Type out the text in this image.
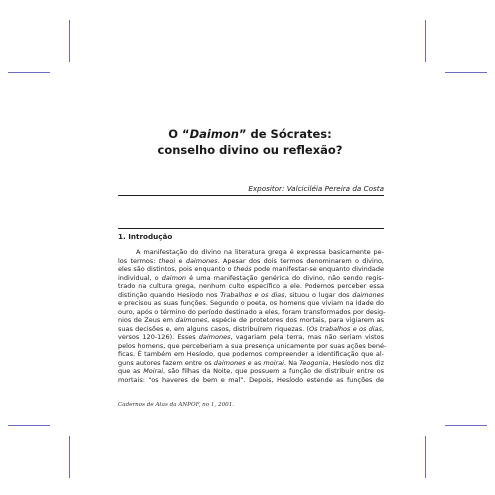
O “Daimon” de Sócrates:
conselho divino ou reflexão?
Expositor: Valciciléia Pereira da Costa
1. Introdução
A manifestação do divino na literatura grega é expressa basicamente pe-
los termos: theoi e daimones. Apesar dos dois termos denominarem o divino,
eles são distintos, pois enquanto o theós pode manifestar-se enquanto divindade
individual, o daimon é uma manifestação genérica do divino, não sendo regis-
trado na cultura grega, nenhum culto específico a ele. Podemos perceber essa
distinção quando Hesíodo nos Trabalhos e os dias, situou o lugar dos daimones
e precisou as suas funções. Segundo o poeta, os homens que viviam na idade do
ouro, após o término do período destinado a eles, foram transformados por desig-
nios de Zeus em daimones, espécie de protetores dos mortais, para vigiarem as
suas decisões e, em alguns casos, distribuírem riquezas. (Os trabalhos e os dias,
versos 120-126). Esses daimones, vagariam pela terra, mas não seriam vistos
pelos homens, que perceberiam a sua presença unicamente por suas ações bené-
ficas. É também em Hesíodo, que podemos compreender a identificação que al-
guns autores fazem entre os daimones e as moirai. Na Teogonia, Hesíodo nos diz
que as Moirai, são filhas da Noite, que possuem a função de distribuir entre os
mortais: “os haveres de bem e mal”. Depois, Hesíodo estende as funções de
Cadernos de Atas da ANPOF, no 1, 2001.
